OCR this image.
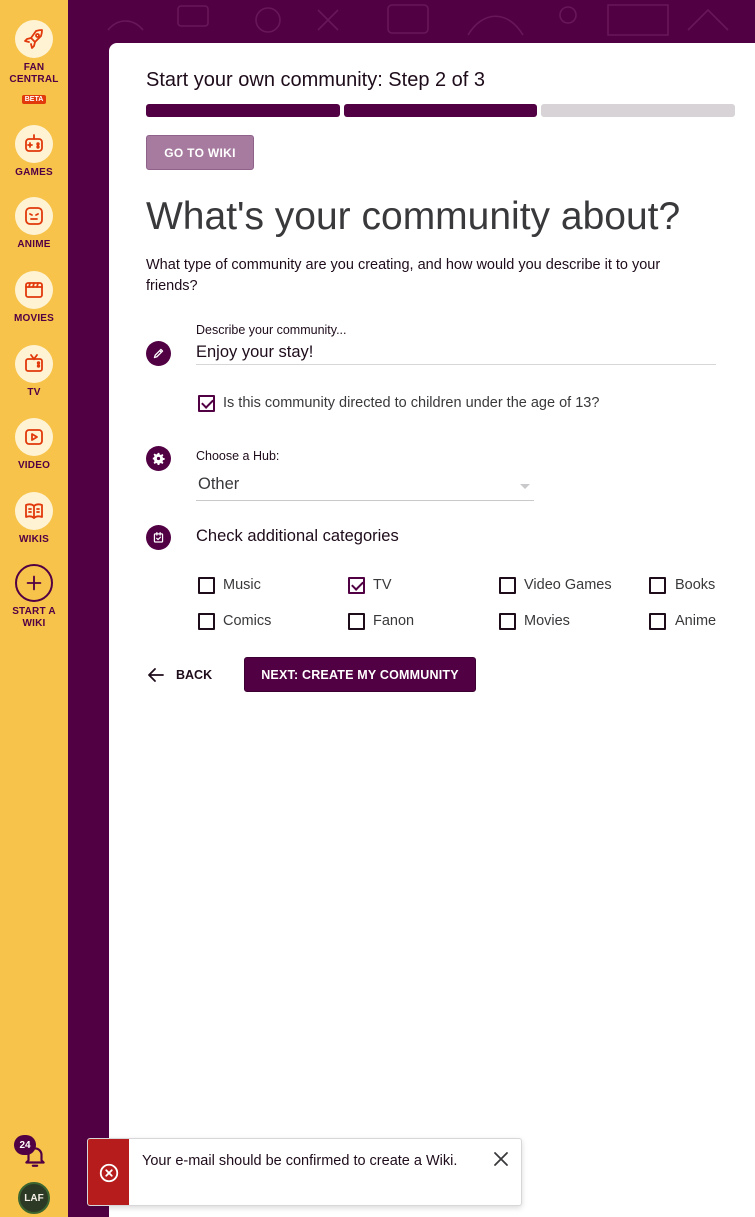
FAN CENTRAL
BETA
GAMES
ANIME
MOVIES
TV
VIDEO
WIKIS
START A
WIKI
24
LAF
Start your own community: Step 2 of 3
GO TO WIKI
What's your community about?
What type of community are you creating, and how would you describe it to your friends?
Describe your community...
Enjoy your stay!
Is this community directed to children under the age of 13?
Choose a Hub:
Other
Check additional categories
Music	TV	Video Games	Books
Comics	Fanon	Movies	Anime
BACK	NEXT: CREATE MY COMMUNITY
Your e-mail should be confirmed to create a Wiki.
